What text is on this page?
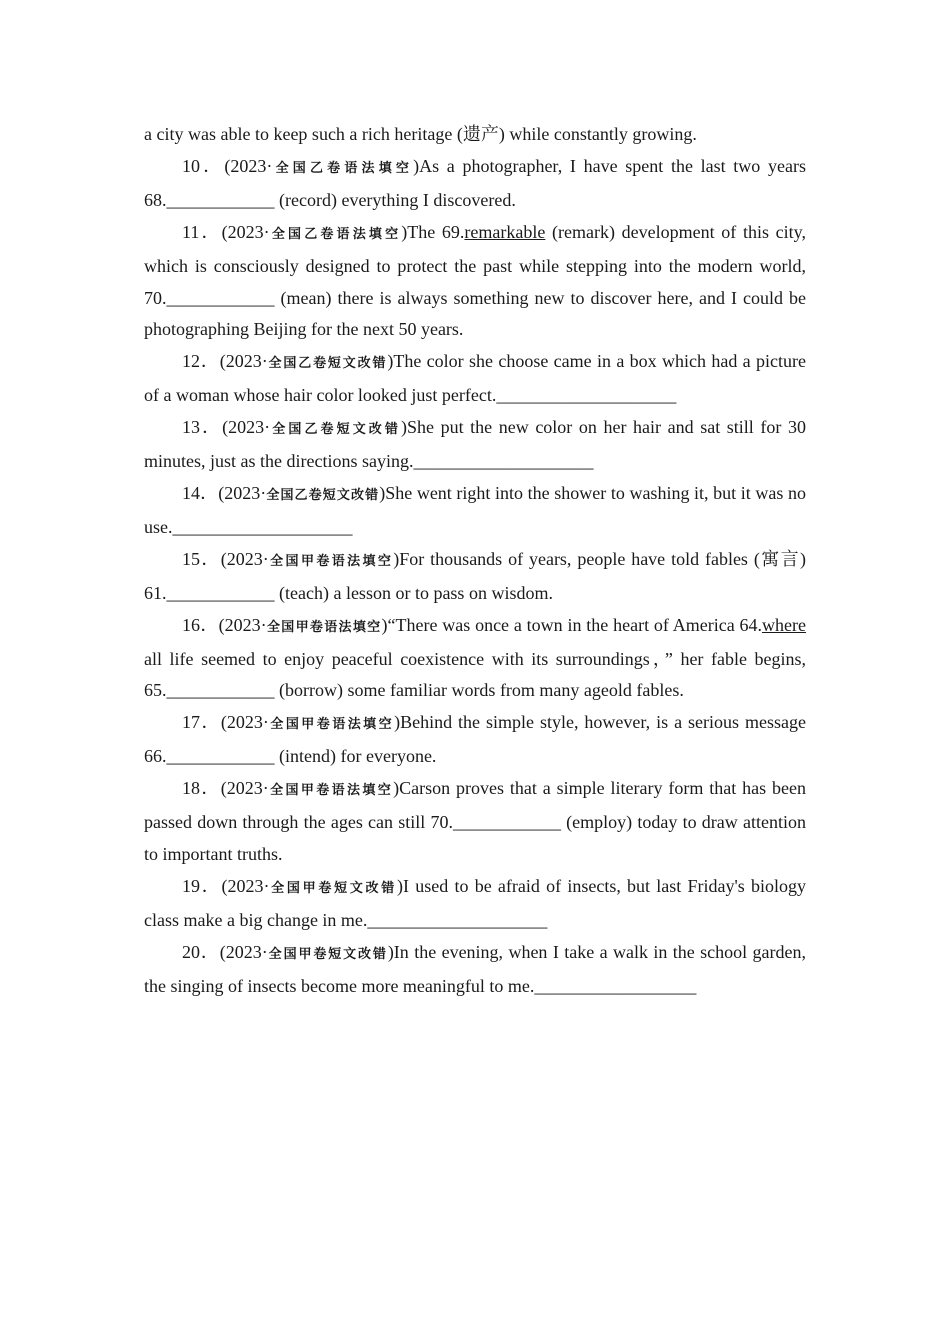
a city was able to keep such a rich heritage (遗产) while constantly growing.

10．(2023·全国乙卷语法填空)As a photographer, I have spent the last two years 68.____________ (record) everything I discovered.

11．(2023·全国乙卷语法填空)The 69.remarkable (remark) development of this city, which is consciously designed to protect the past while stepping into the modern world, 70.____________ (mean) there is always something new to discover here, and I could be photographing Beijing for the next 50 years.

12．(2023·全国乙卷短文改错)The color she choose came in a box which had a picture of a woman whose hair color looked just perfect.____________________

13．(2023·全国乙卷短文改错)She put the new color on her hair and sat still for 30 minutes, just as the directions saying.____________________

14．(2023·全国乙卷短文改错)She went right into the shower to washing it, but it was no use.____________________

15．(2023·全国甲卷语法填空)For thousands of years, people have told fables (寓言) 61.____________ (teach) a lesson or to pass on wisdom.

16．(2023·全国甲卷语法填空)“There was once a town in the heart of America 64.where all life seemed to enjoy peaceful coexistence with its surroundings，” her fable begins, 65.____________ (borrow) some familiar words from many ageold fables.

17．(2023·全国甲卷语法填空)Behind the simple style, however, is a serious message 66.____________ (intend) for everyone.

18．(2023·全国甲卷语法填空)Carson proves that a simple literary form that has been passed down through the ages can still 70.____________ (employ) today to draw attention to important truths.

19．(2023·全国甲卷短文改错)I used to be afraid of insects, but last Friday's biology class make a big change in me.____________________

20．(2023·全国甲卷短文改错)In the evening, when I take a walk in the school garden, the singing of insects become more meaningful to me.__________________
